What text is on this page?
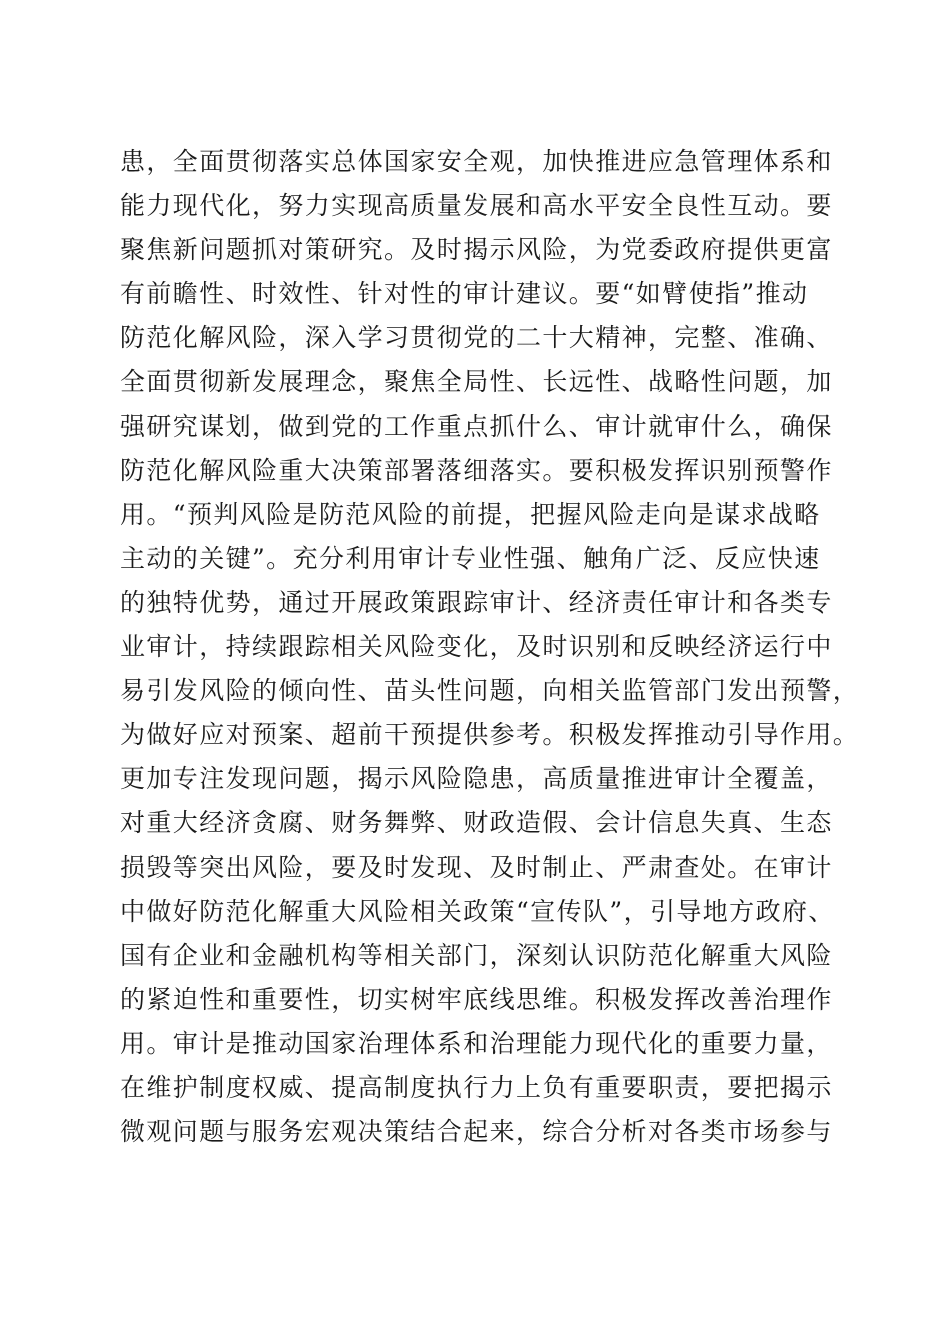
患，全面贯彻落实总体国家安全观，加快推进应急管理体系和
能力现代化，努力实现高质量发展和高水平安全良性互动。要
聚焦新问题抓对策研究。及时揭示风险，为党委政府提供更富
有前瞻性、时效性、针对性的审计建议。要“如臂使指”推动
防范化解风险，深入学习贯彻党的二十大精神，完整、准确、
全面贯彻新发展理念，聚焦全局性、长远性、战略性问题，加
强研究谋划，做到党的工作重点抓什么、审计就审什么，确保
防范化解风险重大决策部署落细落实。要积极发挥识别预警作
用。“预判风险是防范风险的前提，把握风险走向是谋求战略
主动的关键”。充分利用审计专业性强、触角广泛、反应快速
的独特优势，通过开展政策跟踪审计、经济责任审计和各类专
业审计，持续跟踪相关风险变化，及时识别和反映经济运行中
易引发风险的倾向性、苗头性问题，向相关监管部门发出预警，
为做好应对预案、超前干预提供参考。积极发挥推动引导作用。
更加专注发现问题，揭示风险隐患，高质量推进审计全覆盖，
对重大经济贪腐、财务舞弊、财政造假、会计信息失真、生态
损毁等突出风险，要及时发现、及时制止、严肃查处。在审计
中做好防范化解重大风险相关政策“宣传队”，引导地方政府、
国有企业和金融机构等相关部门，深刻认识防范化解重大风险
的紧迫性和重要性，切实树牢底线思维。积极发挥改善治理作
用。审计是推动国家治理体系和治理能力现代化的重要力量，
在维护制度权威、提高制度执行力上负有重要职责，要把揭示
微观问题与服务宏观决策结合起来，综合分析对各类市场参与
